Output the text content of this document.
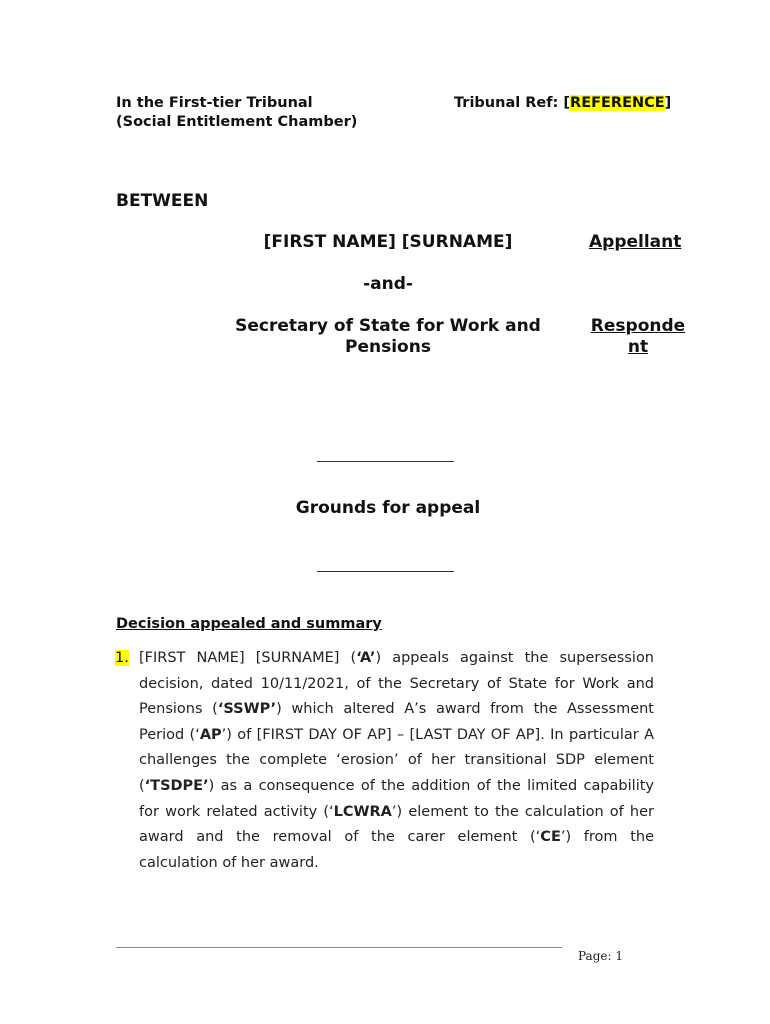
In the First-tier Tribunal
(Social Entitlement Chamber)
Tribunal Ref: [REFERENCE]
BETWEEN
[FIRST NAME] [SURNAME]	Appellant
-and-
Secretary of State for Work and
Pensions
Responde
nt
Grounds for appeal
Decision appealed and summary
1. [FIRST NAME] [SURNAME] (‘A’) appeals against the supersession decision, dated 10/11/2021, of the Secretary of State for Work and Pensions (‘SSWP’) which altered A’s award from the Assessment Period (‘AP’) of [FIRST DAY OF AP] – [LAST DAY OF AP]. In particular A challenges the complete ‘erosion’ of her transitional SDP element (‘TSDPE’) as a consequence of the addition of the limited capability for work related activity (‘LCWRA’) element to the calculation of her award and the removal of the carer element (‘CE’) from the calculation of her award.
Page: 1
